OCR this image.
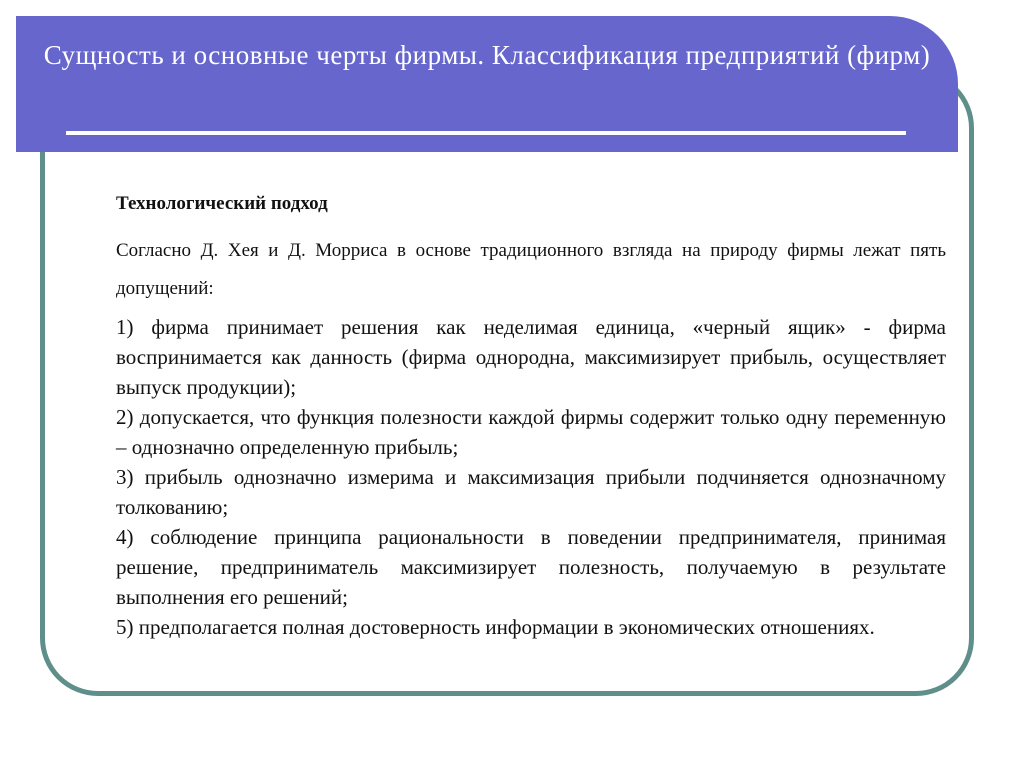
Сущность и основные черты фирмы. Классификация предприятий (фирм)

Технологический подход

Согласно Д. Хея и Д. Морриса в основе традиционного взгляда на природу фирмы лежат пять допущений:

1) фирма принимает решения как неделимая единица, «черный ящик» - фирма воспринимается как данность (фирма однородна, максимизирует прибыль, осуществляет выпуск продукции);
2) допускается, что функция полезности каждой фирмы содержит только одну переменную – однозначно определенную прибыль;
3) прибыль однозначно измерима и максимизация прибыли подчиняется однозначному толкованию;
4) соблюдение принципа рациональности в поведении предпринимателя, принимая решение, предприниматель максимизирует полезность, получаемую в результате выполнения его решений;
5) предполагается полная достоверность информации в экономических отношениях.
